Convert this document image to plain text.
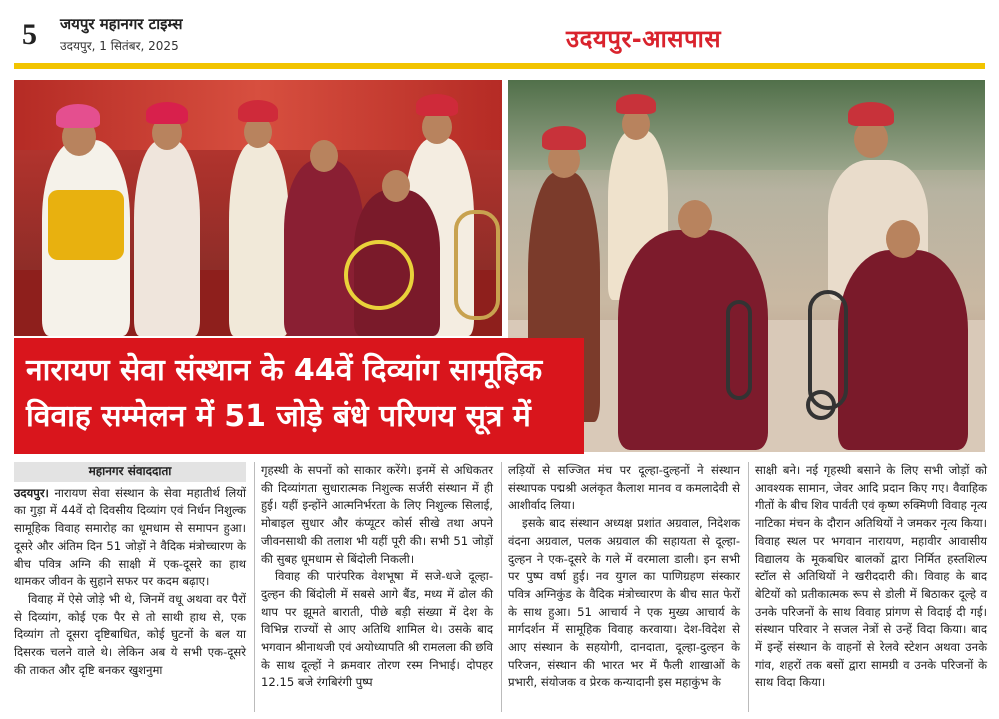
5 जयपुर महानगर टाइम्स
उदयपुर, 1 सितंबर, 2025	उदयपुर-आसपास
नारायण सेवा संस्थान के 44वें दिव्यांग सामूहिक
विवाह सम्मेलन में 51 जोड़े बंधे परिणय सूत्र में
महानगर संवाददाता

उदयपुर। नारायण सेवा संस्थान के सेवा महातीर्थ लियों का गुड़ा में 44वें दो दिवसीय दिव्यांग एवं निर्धन निशुल्क सामूहिक विवाह समारोह का धूमधाम से समापन हुआ। दूसरे और अंतिम दिन 51 जोड़ों ने वैदिक मंत्रोच्चारण के बीच पवित्र अग्नि की साक्षी में एक-दूसरे का हाथ थामकर जीवन के सुहाने सफर पर कदम बढ़ाए।

विवाह में ऐसे जोड़े भी थे, जिनमें वधू अथवा वर पैरों से दिव्यांग, कोई एक पैर से तो साथी हाथ से, एक दिव्यांग तो दूसरा दृष्टिबाधित, कोई घुटनों के बल या दिसरक चलने वाले थे। लेकिन अब ये सभी एक-दूसरे की ताकत और दृष्टि बनकर खुशनुमा

गृहस्थी के सपनों को साकार करेंगे। इनमें से अधिकतर की दिव्यांगता सुधारात्मक निशुल्क सर्जरी संस्थान में ही हुई। यहीं इन्होंने आत्मनिर्भरता के लिए निशुल्क सिलाई, मोबाइल सुधार और कंप्यूटर कोर्स सीखे तथा अपने जीवनसाथी की तलाश भी यहीं पूरी की। सभी 51 जोड़ों की सुबह धूमधाम से बिंदोली निकली।

विवाह की पारंपरिक वेशभूषा में सजे-धजे दूल्हा-दुल्हन की बिंदोली में सबसे आगे बैंड, मध्य में ढोल की थाप पर झूमते बाराती, पीछे बड़ी संख्या में देश के विभिन्न राज्यों से आए अतिथि शामिल थे। उसके बाद भगवान श्रीनाथजी एवं अयोध्यापति श्री रामलला की छवि के साथ दूल्हों ने क्रमवार तोरण रस्म निभाई। दोपहर 12.15 बजे रंगबिरंगी पुष्प

लड़ियों से सज्जित मंच पर दूल्हा-दुल्हनों ने संस्थान संस्थापक पद्मश्री अलंकृत कैलाश मानव व कमलादेवी से आशीर्वाद लिया।

इसके बाद संस्थान अध्यक्ष प्रशांत अग्रवाल, निदेशक वंदना अग्रवाल, पलक अग्रवाल की सहायता से दूल्हा-दुल्हन ने एक-दूसरे के गले में वरमाला डाली। इन सभी पर पुष्प वर्षा हुई। नव युगल का पाणिग्रहण संस्कार पवित्र अग्निकुंड के वैदिक मंत्रोच्चारण के बीच सात फेरों के साथ हुआ। 51 आचार्य ने एक मुख्य आचार्य के मार्गदर्शन में सामूहिक विवाह करवाया। देश-विदेश से आए संस्थान के सहयोगी, दानदाता, दूल्हा-दुल्हन के परिजन, संस्थान की भारत भर में फैली शाखाओं के प्रभारी, संयोजक व प्रेरक कन्यादानी इस महाकुंभ के

साक्षी बने। नई गृहस्थी बसाने के लिए सभी जोड़ों को आवश्यक सामान, जेवर आदि प्रदान किए गए। वैवाहिक गीतों के बीच शिव पार्वती एवं कृष्ण रुक्मिणी विवाह नृत्य नाटिका मंचन के दौरान अतिथियों ने जमकर नृत्य किया। विवाह स्थल पर भगवान नारायण, महावीर आवासीय विद्यालय के मूकबधिर बालकों द्वारा निर्मित हस्तशिल्प स्टॉल से अतिथियों ने खरीददारी की। विवाह के बाद बेटियों को प्रतीकात्मक रूप से डोली में बिठाकर दूल्हे व उनके परिजनों के साथ विवाह प्रांगण से विदाई दी गई। संस्थान परिवार ने सजल नेत्रों से उन्हें विदा किया। बाद में इन्हें संस्थान के वाहनों से रेलवे स्टेशन अथवा उनके गांव, शहरों तक बसों द्वारा सामग्री व उनके परिजनों के साथ विदा किया।
